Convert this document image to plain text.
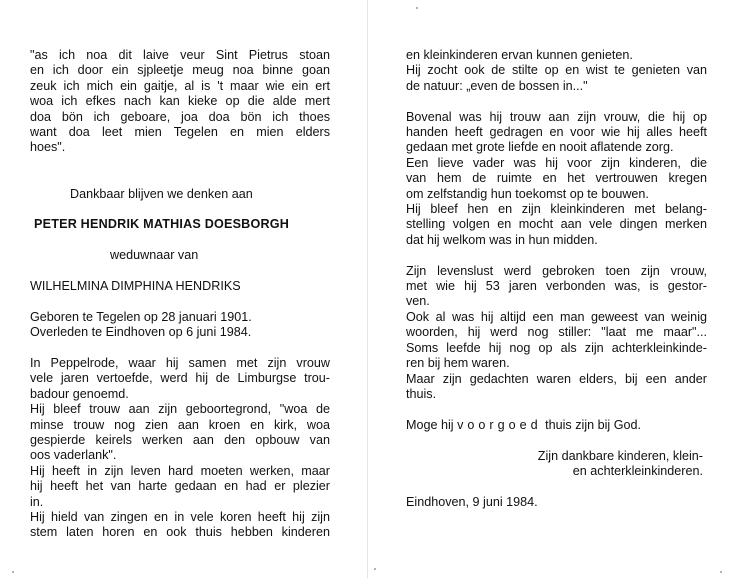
"as ich noa dit laive veur Sint Pietrus stoan
en ich door ein sjpleetje meug noa binne goan
zeuk ich mich ein gaitje, al is 't maar wie ein ert
woa ich efkes nach kan kieke op die alde mert
doa bön ich geboare, joa doa bön ich thoes
want doa leet mien Tegelen en mien elders
hoes".
Dankbaar blijven we denken aan
PETER HENDRIK MATHIAS DOESBORGH
weduwnaar van
WILHELMINA DIMPHINA HENDRIKS
Geboren te Tegelen op 28 januari 1901.
Overleden te Eindhoven op 6 juni 1984.
In Peppelrode, waar hij samen met zijn vrouw
vele jaren vertoefde, werd hij de Limburgse trou-
badour genoemd.
Hij bleef trouw aan zijn geboortegrond, "woa de
minse trouw nog zien aan kroen en kirk, woa
gespierde keirels werken aan den opbouw van
oos vaderlank".
Hij heeft in zijn leven hard moeten werken, maar
hij heeft het van harte gedaan en had er plezier
in.
Hij hield van zingen en in vele koren heeft hij zijn
stem laten horen en ook thuis hebben kinderen
en kleinkinderen ervan kunnen genieten.
Hij zocht ook de stilte op en wist te genieten van
de natuur: „even de bossen in..."
Bovenal was hij trouw aan zijn vrouw, die hij op
handen heeft gedragen en voor wie hij alles heeft
gedaan met grote liefde en nooit aflatende zorg.
Een lieve vader was hij voor zijn kinderen, die
van hem de ruimte en het vertrouwen kregen
om zelfstandig hun toekomst op te bouwen.
Hij bleef hen en zijn kleinkinderen met belang-
stelling volgen en mocht aan vele dingen merken
dat hij welkom was in hun midden.
Zijn levenslust werd gebroken toen zijn vrouw,
met wie hij 53 jaren verbonden was, is gestor-
ven.
Ook al was hij altijd een man geweest van weinig
woorden, hij werd nog stiller: "laat me maar"...
Soms leefde hij nog op als zijn achterkleinkinde-
ren bij hem waren.
Maar zijn gedachten waren elders, bij een ander
thuis.
Moge hij voorgoed thuis zijn bij God.
Zijn dankbare kinderen, klein-
en achterkleinkinderen.
Eindhoven, 9 juni 1984.
